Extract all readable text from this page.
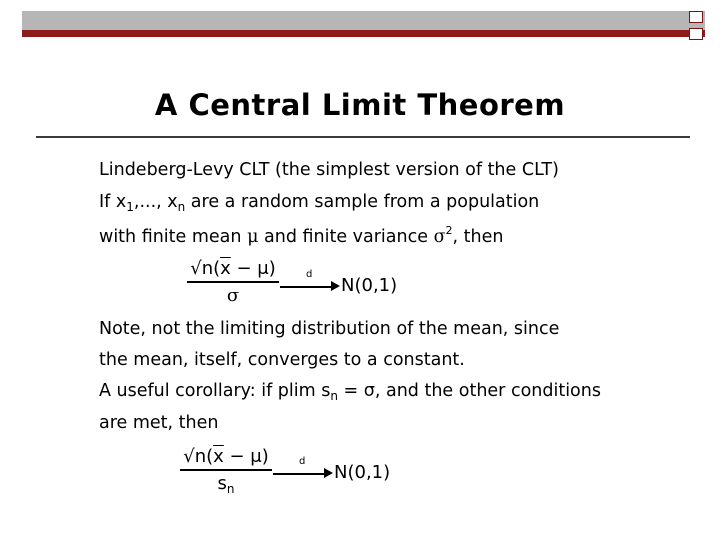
A Central Limit Theorem
Lindeberg-Levy CLT (the simplest version of the CLT)
If $x_1$,..., $x_n$ are a random sample from a population
with finite mean μ and finite variance $\sigma^2$, then
$√n(\overline{x} - \mu)$
σ
d
N(0,1)
Note, not the limiting distribution of the mean, since
the mean, itself, converges to a constant.
A useful corollary: if plim $s_n = \sigma$, and the other conditions
are met, then
$√n(\overline{x} - \mu)$
$s_n$
d
N(0,1)
